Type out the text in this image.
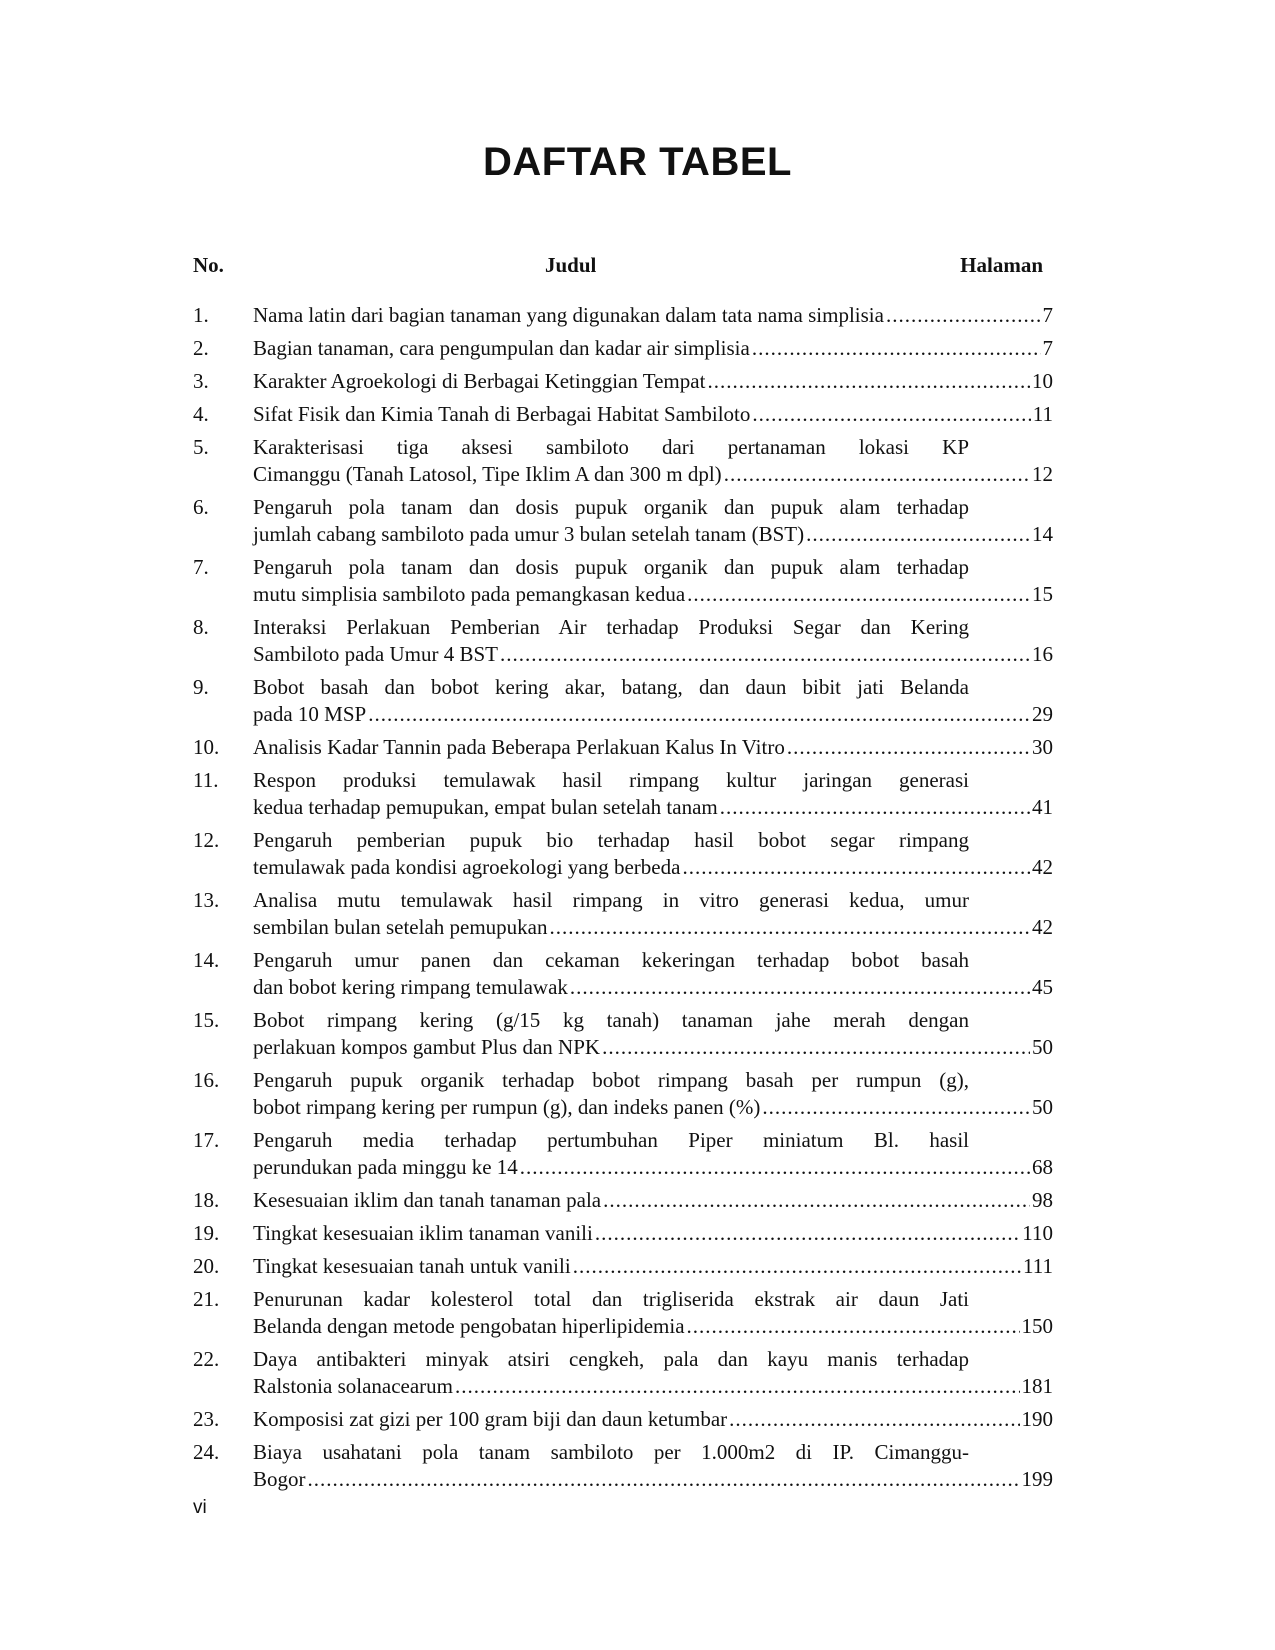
DAFTAR TABEL
No.	Judul	Halaman
1.	Nama latin dari bagian tanaman yang digunakan dalam tata nama simplisia .....	7
2.	Bagian tanaman, cara pengumpulan dan kadar air simplisia .....	7
3.	Karakter Agroekologi di Berbagai Ketinggian Tempat .....	10
4.	Sifat Fisik dan Kimia Tanah di Berbagai Habitat Sambiloto .....	11
5.	Karakterisasi tiga aksesi sambiloto dari pertanaman lokasi KP
Cimanggu (Tanah Latosol, Tipe Iklim A dan 300 m dpl) .....	12
6.	Pengaruh pola tanam dan dosis pupuk organik dan pupuk alam terhadap
jumlah cabang sambiloto pada umur 3 bulan setelah tanam (BST) .....	14
7.	Pengaruh pola tanam dan dosis pupuk organik dan pupuk alam terhadap
mutu simplisia sambiloto pada pemangkasan kedua .....	15
8.	Interaksi Perlakuan Pemberian Air terhadap Produksi Segar dan Kering
Sambiloto pada Umur 4 BST .....	16
9.	Bobot basah dan bobot kering akar, batang, dan daun bibit jati Belanda
pada 10 MSP .....	29
10.	Analisis Kadar Tannin pada Beberapa Perlakuan Kalus In Vitro .....	30
11.	Respon produksi temulawak hasil rimpang kultur jaringan generasi
kedua terhadap pemupukan, empat bulan setelah tanam .....	41
12.	Pengaruh pemberian pupuk bio terhadap hasil bobot segar rimpang
temulawak pada kondisi agroekologi yang berbeda .....	42
13.	Analisa mutu temulawak hasil rimpang in vitro generasi kedua, umur
sembilan bulan setelah pemupukan .....	42
14.	Pengaruh umur panen dan cekaman kekeringan terhadap bobot basah
dan bobot kering rimpang temulawak .....	45
15.	Bobot rimpang kering (g/15 kg tanah) tanaman jahe merah dengan
perlakuan kompos gambut Plus dan NPK .....	50
16.	Pengaruh pupuk organik terhadap bobot rimpang basah per rumpun (g),
bobot rimpang kering per rumpun (g), dan indeks panen (%) .....	50
17.	Pengaruh media terhadap pertumbuhan Piper miniatum Bl. hasil
perundukan pada minggu ke 14 .....	68
18.	Kesesuaian iklim dan tanah tanaman pala .....	98
19.	Tingkat kesesuaian iklim tanaman vanili .....	110
20.	Tingkat kesesuaian tanah untuk vanili .....	111
21.	Penurunan kadar kolesterol total dan trigliserida ekstrak air daun Jati
Belanda dengan metode pengobatan hiperlipidemia .....	150
22.	Daya antibakteri minyak atsiri cengkeh, pala dan kayu manis terhadap
Ralstonia solanacearum .....	181
23.	Komposisi zat gizi per 100 gram biji dan daun ketumbar .....	190
24.	Biaya usahatani pola tanam sambiloto per 1.000m2 di IP. Cimanggu-
Bogor .....	199
vi
